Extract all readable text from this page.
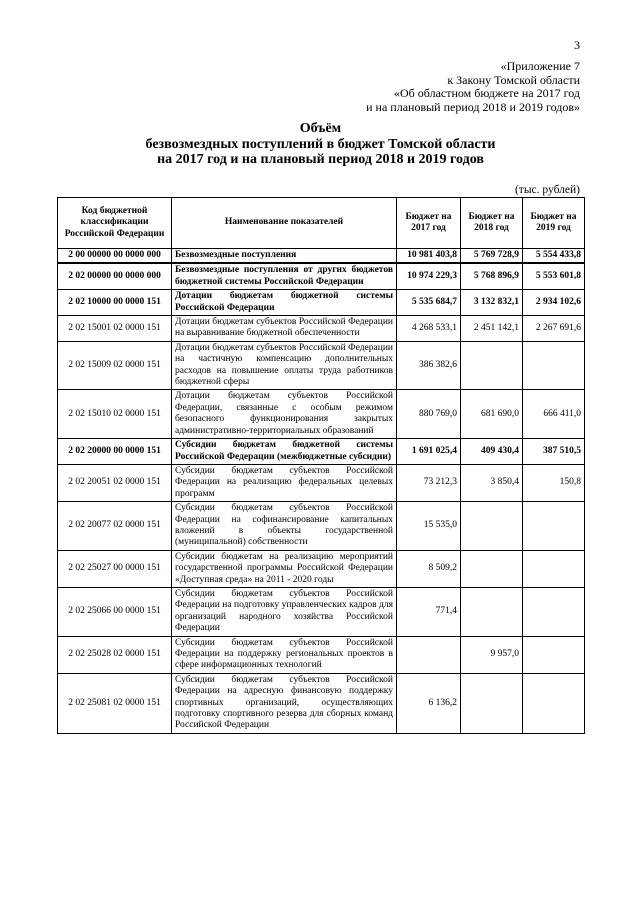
3
«Приложение 7
к Закону Томской области
«Об областном бюджете на 2017 год
и на плановый период 2018 и 2019 годов»
Объём
безвозмездных поступлений в бюджет Томской области
на 2017 год и на плановый период 2018 и 2019 годов
(тыс. рублей)
Код бюджетной классификации Российской Федерации	Наименование показателей	Бюджет на 2017 год	Бюджет на 2018 год	Бюджет на 2019 год
2 00 00000 00 0000 000	Безвозмездные поступления	10 981 403,8	5 769 728,9	5 554 433,8
2 02 00000 00 0000 000	Безвозмездные поступления от других бюджетов бюджетной системы Российской Федерации	10 974 229,3	5 768 896,9	5 553 601,8
2 02 10000 00 0000 151	Дотации бюджетам бюджетной системы Российской Федерации	5 535 684,7	3 132 832,1	2 934 102,6
2 02 15001 02 0000 151	Дотации бюджетам субъектов Российской Федерации на выравнивание бюджетной обеспеченности	4 268 533,1	2 451 142,1	2 267 691,6
2 02 15009 02 0000 151	Дотации бюджетам субъектов Российской Федерации на частичную компенсацию дополнительных расходов на повышение оплаты труда работников бюджетной сферы	386 382,6		
2 02 15010 02 0000 151	Дотации бюджетам субъектов Российской Федерации, связанные с особым режимом безопасного функционирования закрытых административно-территориальных образований	880 769,0	681 690,0	666 411,0
2 02 20000 00 0000 151	Субсидии бюджетам бюджетной системы Российской Федерации (межбюджетные субсидии)	1 691 025,4	409 430,4	387 510,5
2 02 20051 02 0000 151	Субсидии бюджетам субъектов Российской Федерации на реализацию федеральных целевых программ	73 212,3	3 850,4	150,8
2 02 20077 02 0000 151	Субсидии бюджетам субъектов Российской Федерации на софинансирование капитальных вложений в объекты государственной (муниципальной) собственности	15 535,0		
2 02 25027 00 0000 151	Субсидии бюджетам на реализацию мероприятий государственной программы Российской Федерации «Доступная среда» на 2011 - 2020 годы	8 509,2		
2 02 25066 00 0000 151	Субсидии бюджетам субъектов Российской Федерации на подготовку управленческих кадров для организаций народного хозяйства Российской Федерации	771,4		
2 02 25028 02 0000 151	Субсидии бюджетам субъектов Российской Федерации на поддержку региональных проектов в сфере информационных технологий		9 957,0	
2 02 25081 02 0000 151	Субсидии бюджетам субъектов Российской Федерации на адресную финансовую поддержку спортивных организаций, осуществляющих подготовку спортивного резерва для сборных команд Российской Федерации	6 136,2		
